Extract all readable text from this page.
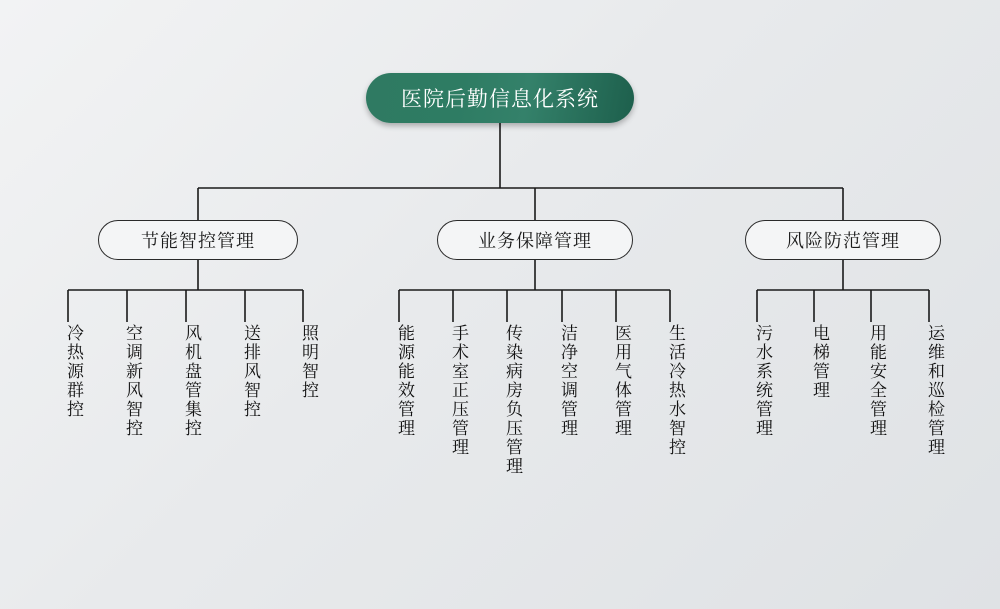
医院后勤信息化系统
节能智控管理	业务保障管理	风险防范管理
冷热源群控	空调新风智控	风机盘管集控	送排风智控	照明智控	能源能效管理	手术室正压管理	传染病房负压管理	洁净空调管理	医用气体管理	生活冷热水智控	污水系统管理	电梯管理	用能安全管理	运维和巡检管理
